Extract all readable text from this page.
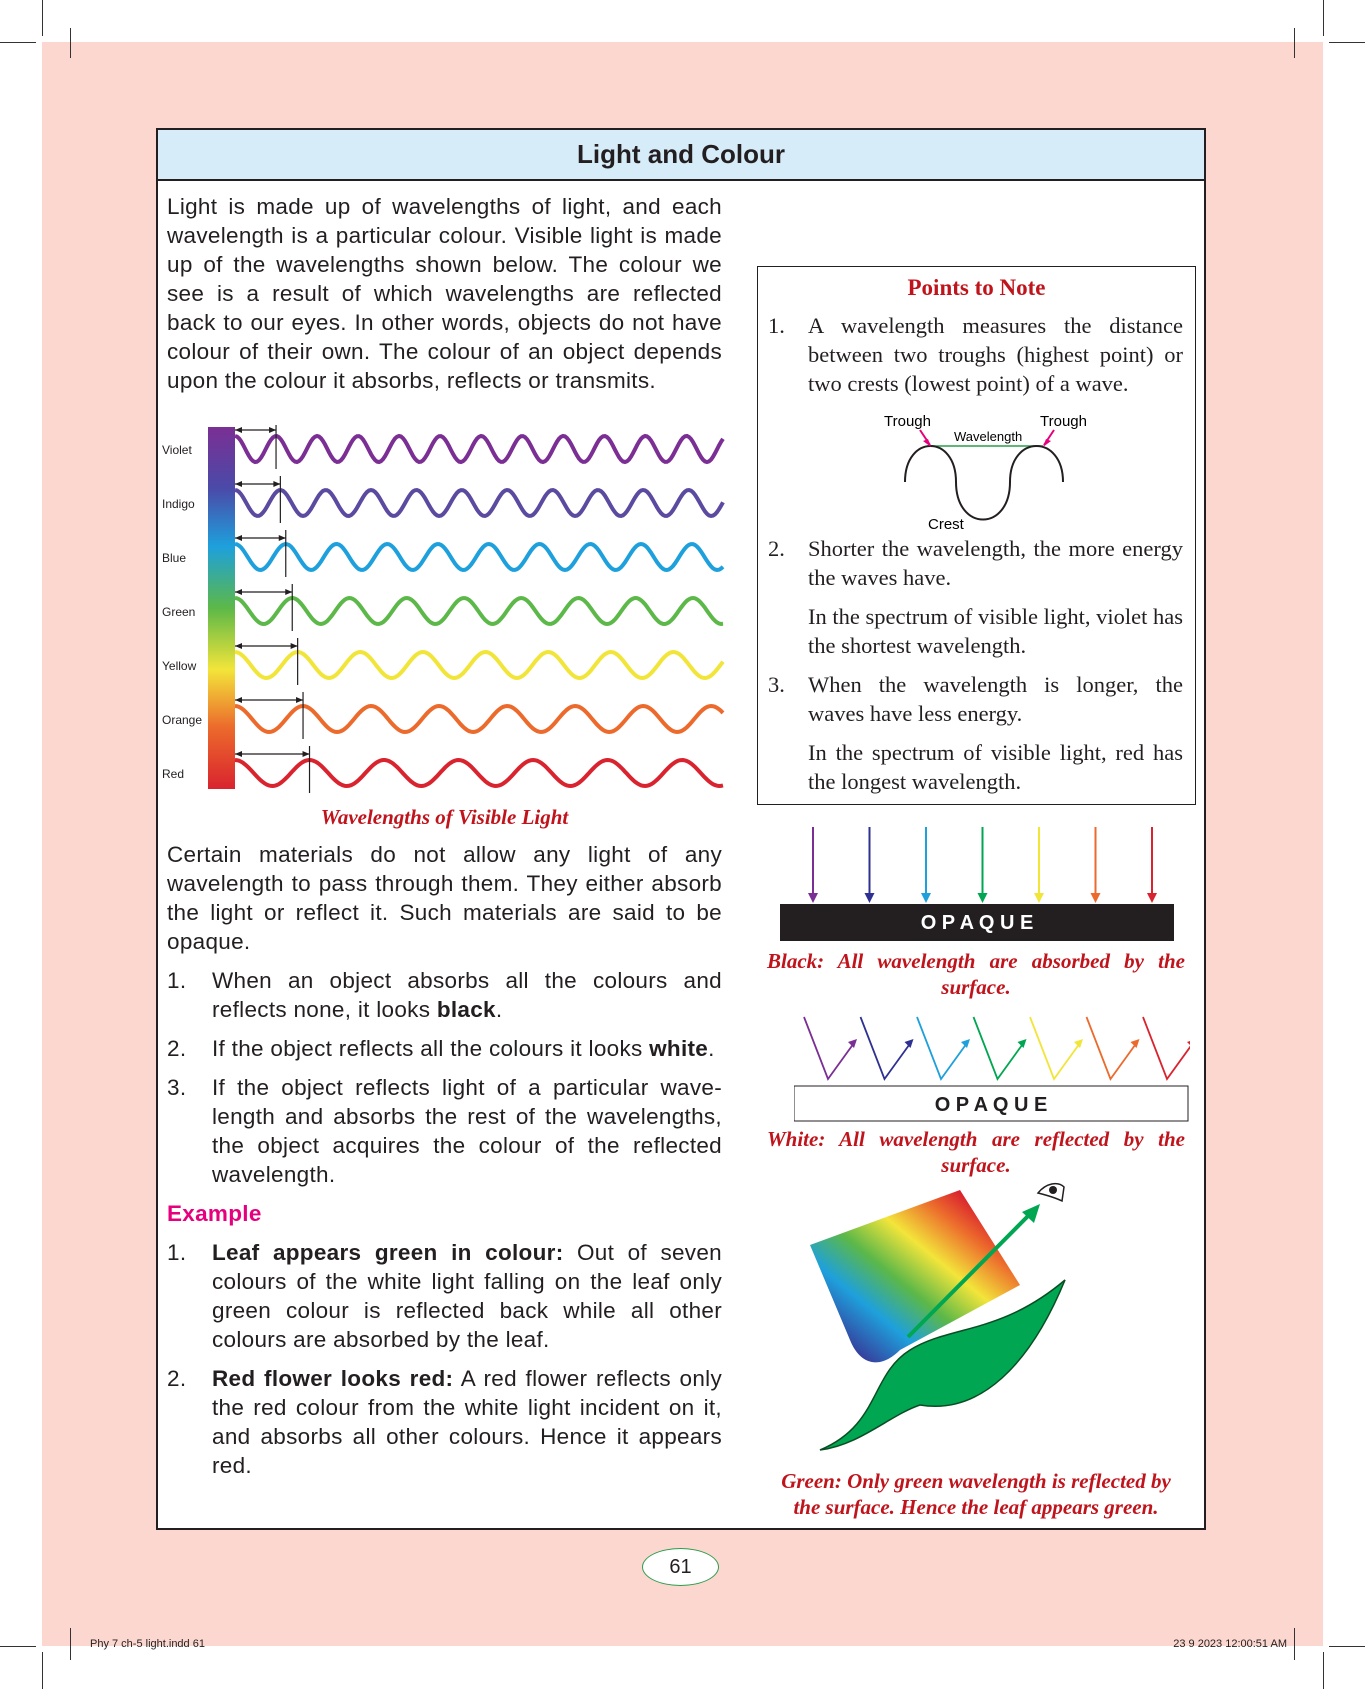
Light and Colour
Light is made up of wavelengths of light, and each wavelength is a particular colour. Visible light is made up of the wavelengths shown below. The colour we see is a result of which wavelengths are reflected back to our eyes. In other words, objects do not have colour of their own. The colour of an object depends upon the colour it absorbs, reflects or transmits.
Violet
Indigo
Blue
Green
Yellow
Orange
Red
Wavelengths of Visible Light
Certain materials do not allow any light of any wavelength to pass through them. They either absorb the light or reflect it. Such materials are said to be opaque.
1.	When an object absorbs all the colours and reflects none, it looks black.
2.	If the object reflects all the colours it looks white.
3.	If the object reflects light of a particular wave-length and absorbs the rest of the wavelengths, the object acquires the colour of the reflected wavelength.
Example
1.	Leaf appears green in colour: Out of seven colours of the white light falling on the leaf only green colour is reflected back while all other colours are absorbed by the leaf.
2.	Red flower looks red: A red flower reflects only the red colour from the white light incident on it, and absorbs all other colours. Hence it appears red.
Points to Note
1.	A wavelength measures the distance between two troughs (highest point) or two crests (lowest point) of a wave.
Trough	Trough
Wavelength
Crest
2.	Shorter the wavelength, the more energy the waves have.

In the spectrum of visible light, violet has the shortest wavelength.
3.	When the wavelength is longer, the waves have less energy.

In the spectrum of visible light, red has the longest wavelength.
O P A Q U E
Black: All wavelength are absorbed by the surface.
O P A Q U E
White: All wavelength are reflected by the surface.
Green: Only green wavelength is reflected by the surface. Hence the leaf appears green.
61
Phy 7 ch-5 light.indd 61	23 9 2023 12:00:51 AM
